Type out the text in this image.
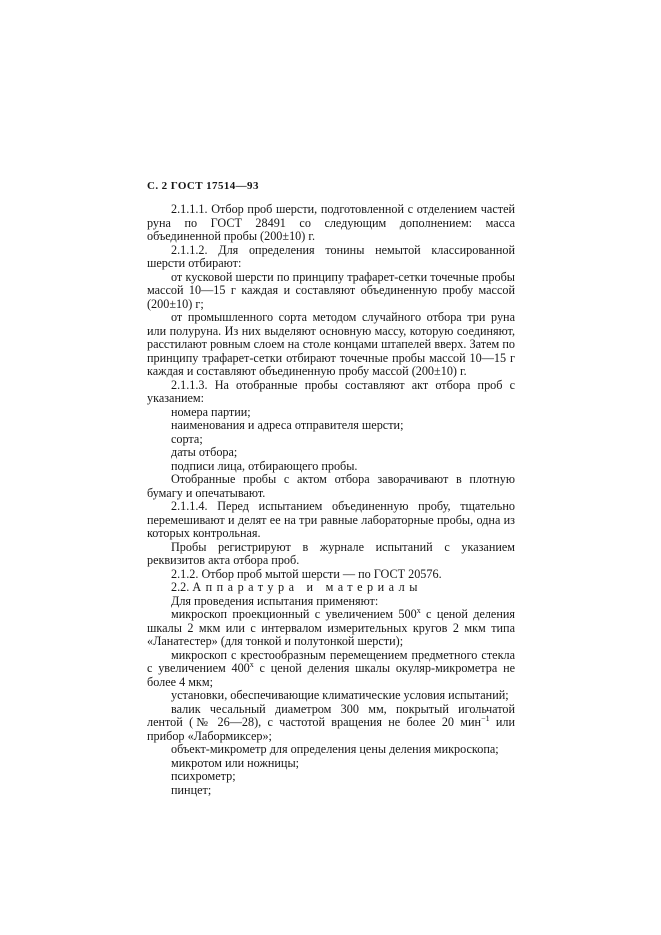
С. 2 ГОСТ 17514—93

2.1.1.1. Отбор проб шерсти, подготовленной с отделением частей руна по ГОСТ 28491 со следующим дополнением: масса объединенной пробы (200±10) г.

2.1.1.2. Для определения тонины немытой классированной шерсти отбирают:

от кусковой шерсти по принципу трафарет-сетки точечные пробы массой 10—15 г каждая и составляют объединенную пробу массой (200±10) г;

от промышленного сорта методом случайного отбора три руна или полуруна. Из них выделяют основную массу, которую соединяют, расстилают ровным слоем на столе концами штапелей вверх. Затем по принципу трафарет-сетки отбирают точечные пробы массой 10—15 г каждая и составляют объединенную пробу массой (200±10) г.

2.1.1.3. На отобранные пробы составляют акт отбора проб с указанием:

номера партии;

наименования и адреса отправителя шерсти;

сорта;

даты отбора;

подписи лица, отбирающего пробы.

Отобранные пробы с актом отбора заворачивают в плотную бумагу и опечатывают.

2.1.1.4. Перед испытанием объединенную пробу, тщательно перемешивают и делят ее на три равные лабораторные пробы, одна из которых контрольная.

Пробы регистрируют в журнале испытаний с указанием реквизитов акта отбора проб.

2.1.2. Отбор проб мытой шерсти — по ГОСТ 20576.

2.2. Аппаратура и материалы

Для проведения испытания применяют:

микроскоп проекционный с увеличением $500^х$ с ценой деления шкалы 2 мкм или с интервалом измерительных кругов 2 мкм типа «Ланатестер» (для тонкой и полутонкой шерсти);

микроскоп с крестообразным перемещением предметного стекла с увеличением $400^х$ с ценой деления шкалы окуляр-микрометра не более 4 мкм;

установки, обеспечивающие климатические условия испытаний;

валик чесальный диаметром 300 мм, покрытый игольчатой лентой (№ 26—28), с частотой вращения не более 20 мин$^{-1}$ или прибор «Лабормиксер»;

объект-микрометр для определения цены деления микроскопа;

микротом или ножницы;

психрометр;

пинцет;
